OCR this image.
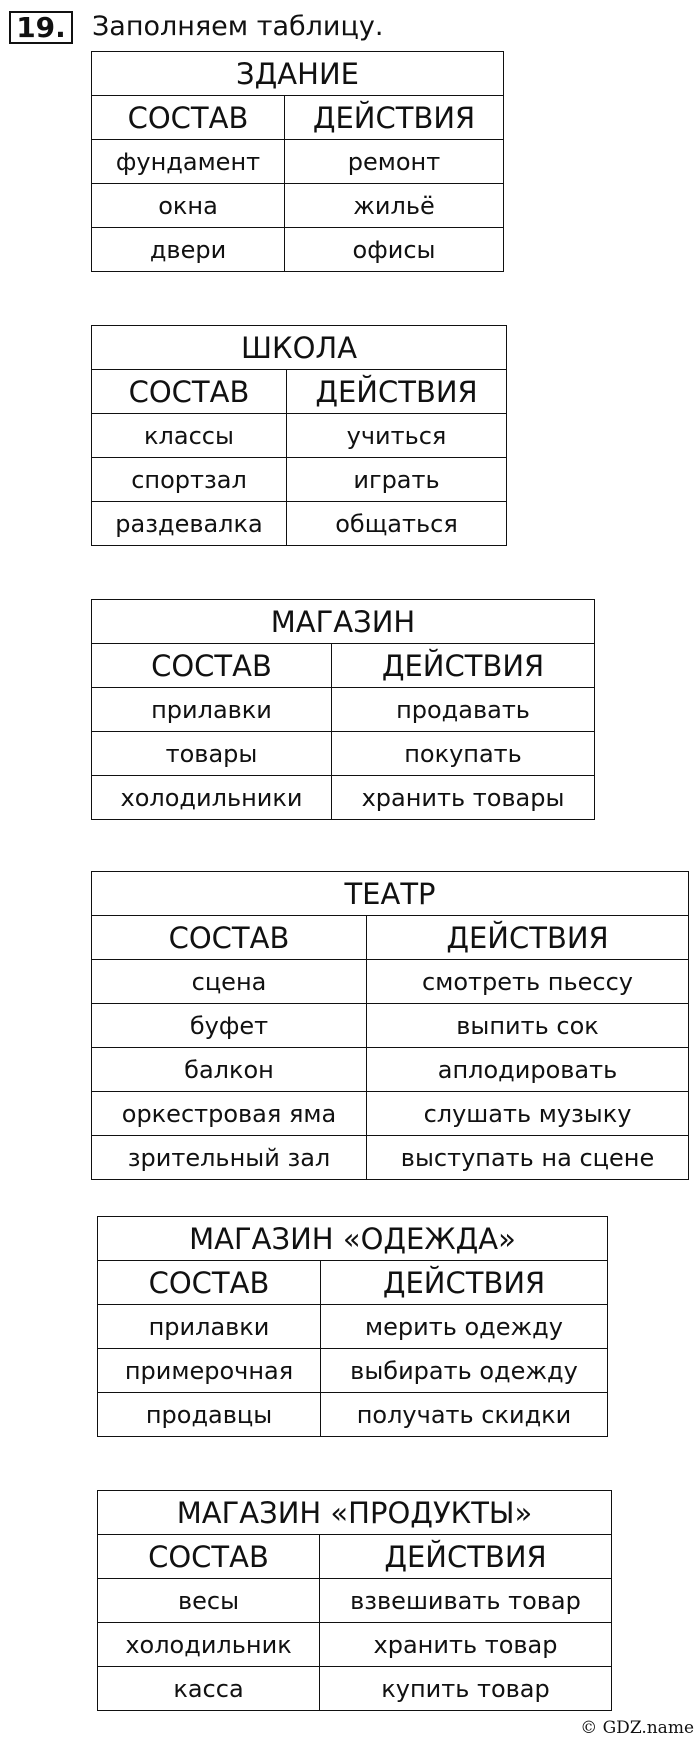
19. Заполняем таблицу.
ЗДАНИЕ	
СОСТАВ	ДЕЙСТВИЯ
фундамент	ремонт
окна	жильё
двери	офисы
ШКОЛА	
СОСТАВ	ДЕЙСТВИЯ
классы	учиться
спортзал	играть
раздевалка	общаться
МАГАЗИН	
СОСТАВ	ДЕЙСТВИЯ
прилавки	продавать
товары	покупать
холодильники	хранить товары
ТЕАТР	
СОСТАВ	ДЕЙСТВИЯ
сцена	смотреть пьессу
буфет	выпить сок
балкон	аплодировать
оркестровая яма	слушать музыку
зрительный зал	выступать на сцене
МАГАЗИН «ОДЕЖДА»	
СОСТАВ	ДЕЙСТВИЯ
прилавки	мерить одежду
примерочная	выбирать одежду
продавцы	получать скидки
МАГАЗИН «ПРОДУКТЫ»	
СОСТАВ	ДЕЙСТВИЯ
весы	взвешивать товар
холодильник	хранить товар
касса	купить товар
© GDZ.name
